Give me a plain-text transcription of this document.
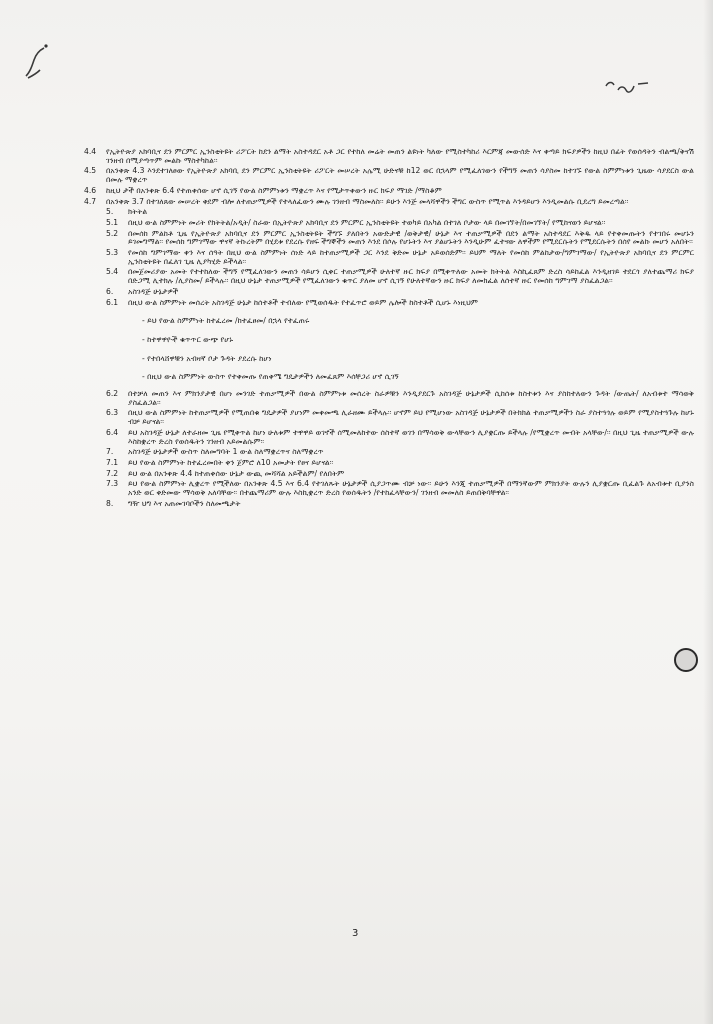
4.4	የኢትዮጵያ አክባቢና ደን ምርምር ኢንስቲትዩት ሪፖርት ከደን ልማት አስተዳደር አቶ ጋር የተከለ መሬት መጠን ልዩነት ካለው የሚስተካከሪ እርምጃ መውሰድ እና ቀጣይ ክፍያዎችን ከዚህ በፊት የወሰዳትን ብልጫ/ቅናሽ ገንዘብ በሚያጣጥም መልኩ ማስተካከል፡፡
4.5	በአንቀጽ 4.3 እንደተገለፀው የኢትዮጵያ አክባቢ ደን ምርምር ኢንስቲትዩት ሪፖርት መሠረት አሌሚ ሁድናቹ ከ12 ወር በኋላም የሚፈለገውን የችግኝ መጠን ሳያስመ ከተገኙ የውል ስምምነቱን ጊዜው ሳያደርስ ውል በመሉ ማቋረጥ
4.6	ከዚህ ታች በአንቀጽ 6.4 የተጠቀሰው ሆኖ ሲገኝ የውል ስምምነቱን ማቋረጥ እና የሚታጥቀውን ዙር ክፍያ ማገድ /ማስቆም
4.7	በአንቀጽ 3.7 በተገለጸው መሠረት ቀደም ብሎ ለተጠቃሚዎች የተላለፈውን ሙሉ ገንዘብ ማስመለስ፡፡ ይሁን እንጅ መላሻዋችን ችግር ውስጥ የሚጥል እንዳይሆን እንዲመልሱ ቢደረግ ይመረጣል፡፡
5.	ክትትል
5.1	በዚህ ውል ስምምነት መሪት የክትትል/አዲት/ ስራው በኢትዮጵያ አክባቢና ደን ምርምር ኢንስቲትዩት ተወካይ በአካል በተገለ ቦታው ላይ በመገኘት/በመገኘት/ የሚከናወን ይሆናል፡፡
5.2	በመሰከ ምልከቶ ጊዜ የኢትዮጵያ አክባቢና ደን ምርምር ኢንስቲትዩት ችግኙ ያለበትን አውድታዊ /ወቅታዊ/ ሁኔታ እና ተጠቃሚዎች በደን ልማት አስተዳደር እቅዱ ላይ የተቀመጡትን የተገበሩ መሆኑን ይገመግማል፡፡ የመሰከ ግምገማው ዋናኛ ትኩረትም በሂደቱ የደረሱ የዘፍ ችግኞችን መጠን እንደ በሶሉ የሆኑትን እና ያልሆኑትን እንዲሁም ፈተናው ለዋችም የሚደርሱትን የሚደርሱትን በሰየ መልኩ መሆን አለበት፡፡
5.3	የመሰከ ግምገማው ቀን እና ሰዓት በዚህ ውል ስምምነት ሰነድ ላይ ከተጠቃሚዎች ጋር እንደ ቅድመ ሁኔታ አይወሰድም፡፡ ይህም ማለት የመሰከ ምልከታው/ግምገማው/ የኢትዮጵያ አክባቢና ደን ምርምር ኢንስቲትዩት በፈለገ ጊዜ ሊያካሂድ ይችላል፡፡
5.4	በመጀመሪያው አመት የተተከለው ችግኝ የሚፈለገውን መጠን ሳይሆን ሲቀር ተጠቃሚዎች ሁለተኛ ዙር ክፍያ በሚቀጥለው አመት ክትትል እስኪፈጸም ድረስ ሳይከፈል እንዲዘገይ ተደርጎ ያለተጨማሪ ክፍያ በድጋሚ ሊተክሉ /ሊያስመ/ ይችላሉ፡፡ በዚህ ሁኔታ ተጠቃሚዎች የሚፈለገውን ቁጥር ያለመ ሆኖ ሲገኝ የሁለተኛውን ዙር ክፍያ ለመክፈል ለሰተኛ ዙር የመሰከ ግምገማ ያስፈልጋል፡፡
6.	አስገዳጅ ሁኔታዎች
6.1	በዚህ ውል ስምምነት መሰረት አስገዳጅ ሁኔታ ከሰተቶች ተብለው የሚወሰዱት የተፈጥሮ ወይም ሌሎች ከስተቶች ሲሆኑ እነዚህም
- ይህ የውል ስምምነት ከተፈረመ /ከተፈፀመ/ በኋላ የተፈጠሩ
- ከተዋዋዮች ቁጥጥር ውጭ የሆኑ
- የተበላሸዋቹን አብዛኛ ቦታ ጉዳት ያደረሱ ከሆነ
- በዚህ ውል ስምምነት ውስጥ የተቀመጡ የጠቀሜ ግዴታዎችን ለመፈጸም እሰቸጋሪ ሆኖ ሲገኝ
6.2	በተቻለ መጠን እና ምክንያታዊ በሆነ መንገድ ተጠቃሚዎች በውል ስምምነቱ መሰረት ስራዎቹን እንዲያደርጉ አስገዳጅ ሁኔታዎች ሲከሰቱ ከስተቱን እና ያስከተለውን ጉዳት /ውጤት/ ለአብቱተ ማሳወቅ ያስፈልጋል፡፡
6.3	በዚህ ውል ስምምነት ከተጠቃሚዎች የሚጠበቁ ግዴታዎች ያሆነም መቀመጫ ሊራዘሙ ይችላሉ፡፡ ሆኖም ይህ የሚሆነው አስገዳጅ ሁኔታዎች በትክክል ተጠቃሚዎችን ስራ ያስተጓጎሉ ወይም የሚያስተጓጉሉ ከሆኑ ብቻ ይሆናል፡፡
6.4	ይህ አስገዳጅ ሁኔታ ለተራዘመ ጊዜ የሚቀጥል ከሆነ ሁለቱም ተዋዋይ ወገኖች ሰሚመለከተው ሰስተኛ ወገን በማሳወቅ ውላቸውን ሊያቋርጡ ይችላሉ /የሚቋረጥ መብት አላቸው/፡፡ በዚህ ጊዜ ተጠቃሚዎች ውሉ እስከቋረጥ ድረስ የወሰዱትን ገንዘብ አይመልሱም፡፡
7.	አስገዳጅ ሁኔታዎች ውስጥ ስለመግባት 1 ውል ስለማቋረጥና ስለማቋረጥ
7.1	ይህ የውል ስምምነት ከተፈረመበት ቀን ጀምሮ ለ10 አመታት የፀና ይሆናል፡፡
7.2	ይህ ውል በአንቀጽ 4.4 ከተጠቀሰው ሁኔታ ውጪ መሻሻል አይችልም/ የለበትም
7.3	ይህ የውል ስምምነት ሊቋረጥ የሚችለው በአንቀጽ 4.5 እና 6.4 የተገለጹት ሁኔታዎች ሲያጋጥሙ ብቻ ነው፡፡ ይሁን እንጂ ተጠቃሚዎች በማንኛውም ምክንያት ውሉን ሊያቋርጡ ቢፈልጉ ለአብቱተ ቢያንስ አንድ ወር ቀድመው ማሳወቅ አለባቸው፡፡ በተጨማሪም ውሉ እስኪቋረጥ ድረስ የወሰዱትን /የተከፈላቸውን/ ገንዘብ መመለስ ይጠበቅባቸዋል፡፡
8.	ግዥ ህግ እና አጠመገባቦችን ስለመጫታት
3
